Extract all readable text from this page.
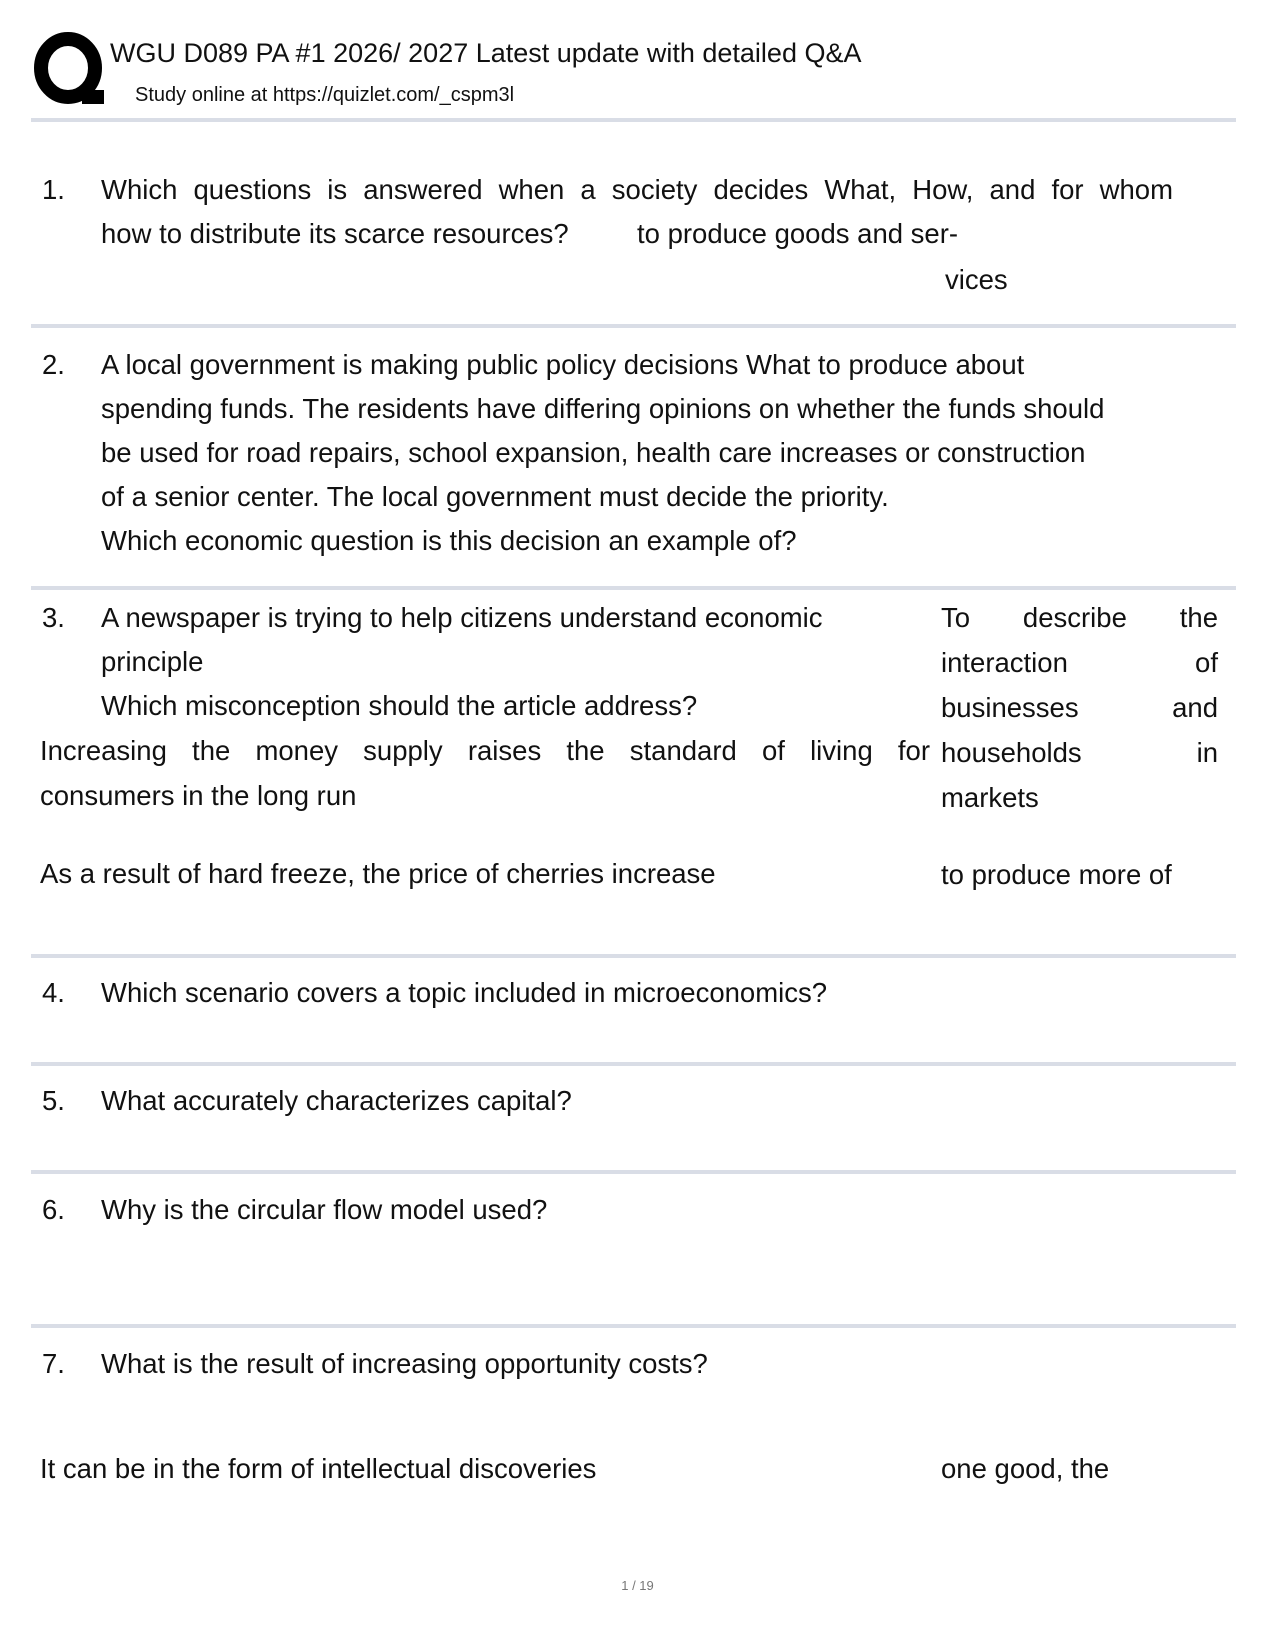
WGU D089 PA #1 2026/ 2027 Latest update with detailed Q&A
Study online at https://quizlet.com/_cspm3l
1. Which questions is answered when a society decides What, How, and for whom
how to distribute its scarce resources? to produce goods and ser-
vices
2. A local government is making public policy decisions What to produce about
spending funds. The residents have differing opinions on whether the funds should
be used for road repairs, school expansion, health care increases or construction
of a senior center. The local government must decide the priority.
Which economic question is this decision an example of?
3. A newspaper is trying to help citizens understand economic
principle
Which misconception should the article address?
Increasing the money supply raises the standard of living for
consumers in the long run
As a result of hard freeze, the price of cherries increase
To describe the
interaction of
businesses and
households in
markets
to produce more of
4. Which scenario covers a topic included in microeconomics?
5. What accurately characterizes capital?
6. Why is the circular flow model used?
7. What is the result of increasing opportunity costs?
It can be in the form of intellectual discoveries	one good, the
1 / 19
